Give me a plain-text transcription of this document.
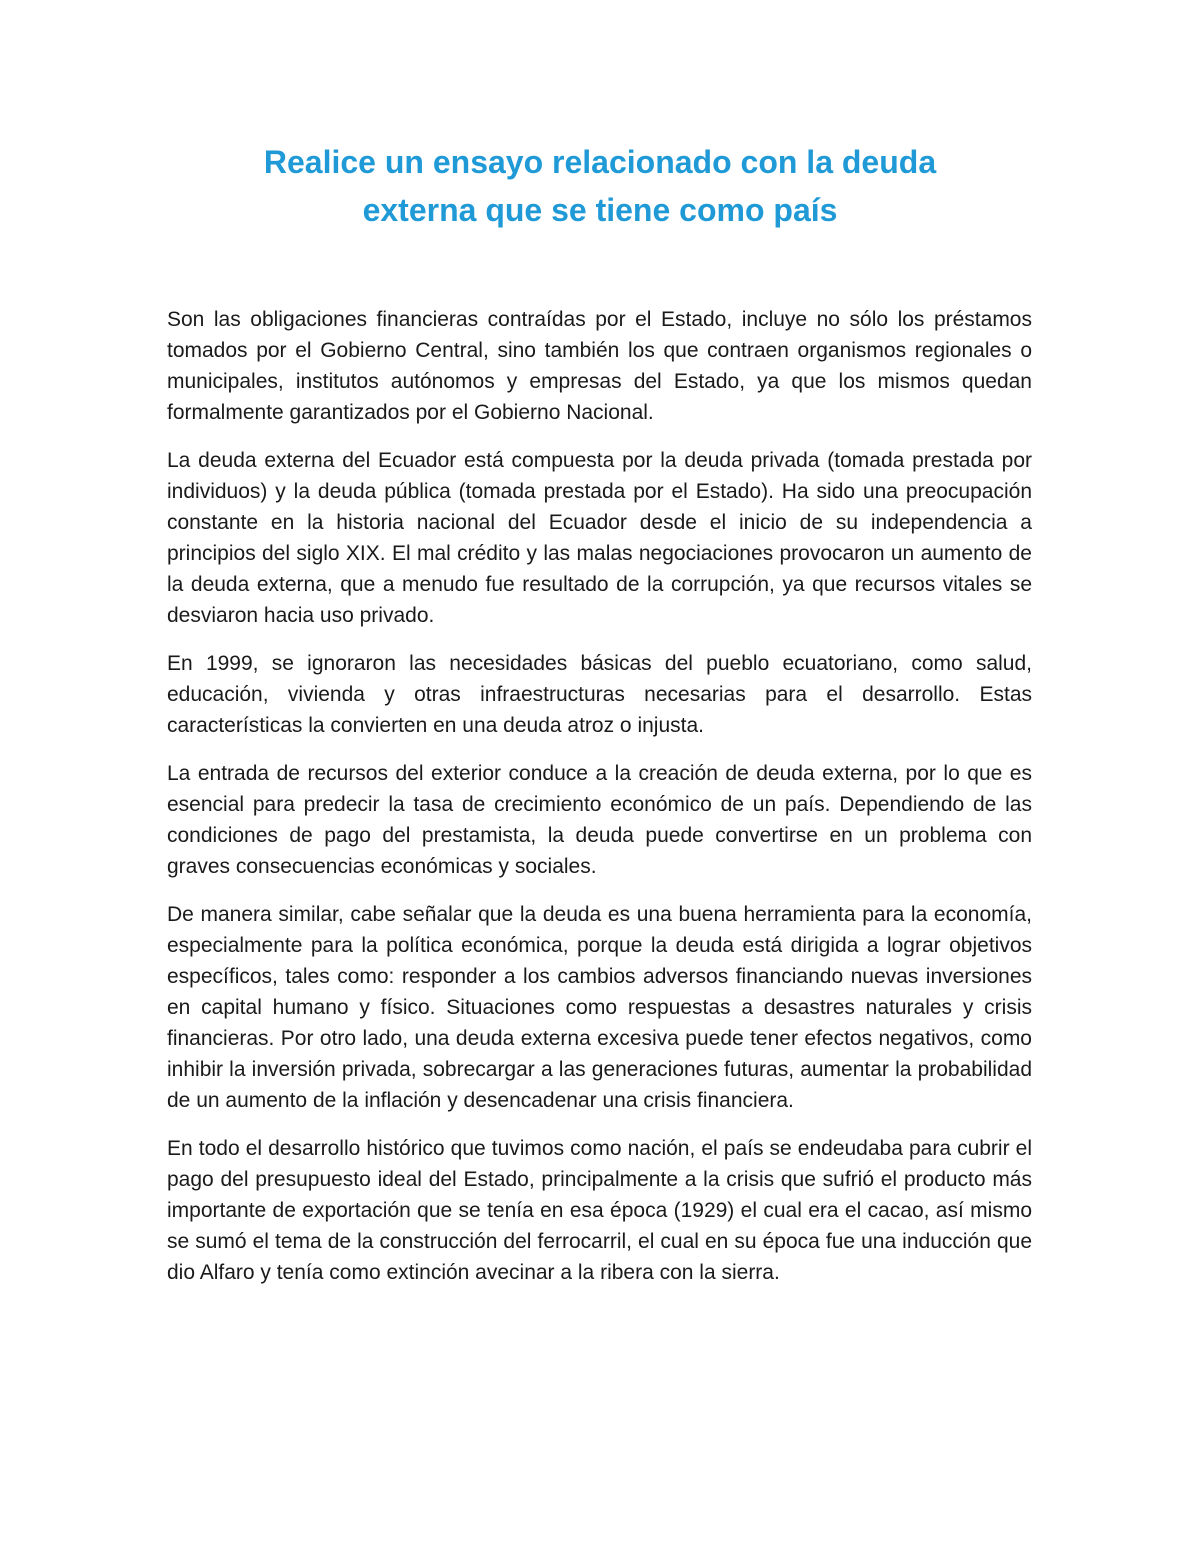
Realice un ensayo relacionado con la deuda
externa que se tiene como país

Son las obligaciones financieras contraídas por el Estado, incluye no sólo los préstamos tomados por el Gobierno Central, sino también los que contraen organismos regionales o municipales, institutos autónomos y empresas del Estado, ya que los mismos quedan formalmente garantizados por el Gobierno Nacional.

La deuda externa del Ecuador está compuesta por la deuda privada (tomada prestada por individuos) y la deuda pública (tomada prestada por el Estado). Ha sido una preocupación constante en la historia nacional del Ecuador desde el inicio de su independencia a principios del siglo XIX. El mal crédito y las malas negociaciones provocaron un aumento de la deuda externa, que a menudo fue resultado de la corrupción, ya que recursos vitales se desviaron hacia uso privado.

En 1999, se ignoraron las necesidades básicas del pueblo ecuatoriano, como salud, educación, vivienda y otras infraestructuras necesarias para el desarrollo. Estas características la convierten en una deuda atroz o injusta.

La entrada de recursos del exterior conduce a la creación de deuda externa, por lo que es esencial para predecir la tasa de crecimiento económico de un país. Dependiendo de las condiciones de pago del prestamista, la deuda puede convertirse en un problema con graves consecuencias económicas y sociales.

De manera similar, cabe señalar que la deuda es una buena herramienta para la economía, especialmente para la política económica, porque la deuda está dirigida a lograr objetivos específicos, tales como: responder a los cambios adversos financiando nuevas inversiones en capital humano y físico. Situaciones como respuestas a desastres naturales y crisis financieras. Por otro lado, una deuda externa excesiva puede tener efectos negativos, como inhibir la inversión privada, sobrecargar a las generaciones futuras, aumentar la probabilidad de un aumento de la inflación y desencadenar una crisis financiera.

En todo el desarrollo histórico que tuvimos como nación, el país se endeudaba para cubrir el pago del presupuesto ideal del Estado, principalmente a la crisis que sufrió el producto más importante de exportación que se tenía en esa época (1929) el cual era el cacao, así mismo se sumó el tema de la construcción del ferrocarril, el cual en su época fue una inducción que dio Alfaro y tenía como extinción avecinar a la ribera con la sierra.
